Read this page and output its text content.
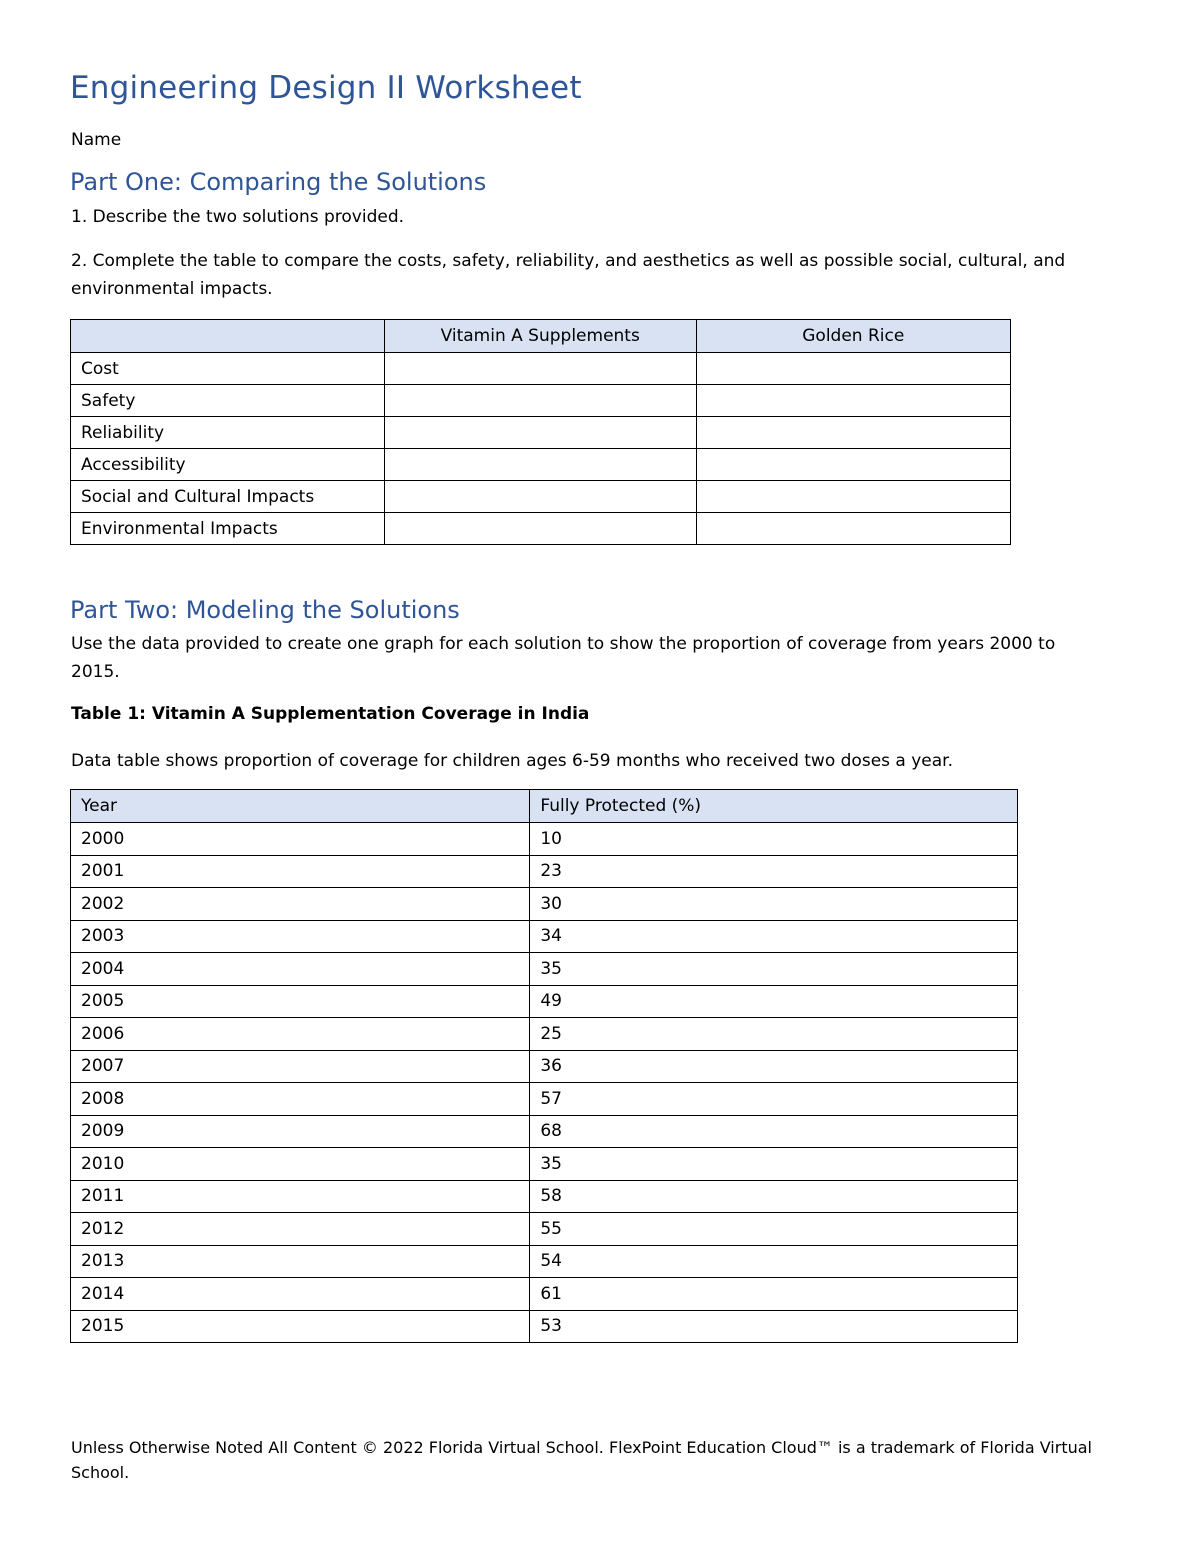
Engineering Design II Worksheet
Name
Part One: Comparing the Solutions

1. Describe the two solutions provided.

2. Complete the table to compare the costs, safety, reliability, and aesthetics as well as possible social, cultural, and environmental impacts.

	Vitamin A Supplements	Golden Rice
Cost		
Safety		
Reliability		
Accessibility		
Social and Cultural Impacts		
Environmental Impacts		
Part Two: Modeling the Solutions

Use the data provided to create one graph for each solution to show the proportion of coverage from years 2000 to 2015.

Table 1: Vitamin A Supplementation Coverage in India

Data table shows proportion of coverage for children ages 6-59 months who received two doses a year.

Year	Fully Protected (%)
2000	10
2001	23
2002	30
2003	34
2004	35
2005	49
2006	25
2007	36
2008	57
2009	68
2010	35
2011	58
2012	55
2013	54
2014	61
2015	53

Unless Otherwise Noted All Content © 2022 Florida Virtual School. FlexPoint Education Cloud™ is a trademark of Florida Virtual School.
